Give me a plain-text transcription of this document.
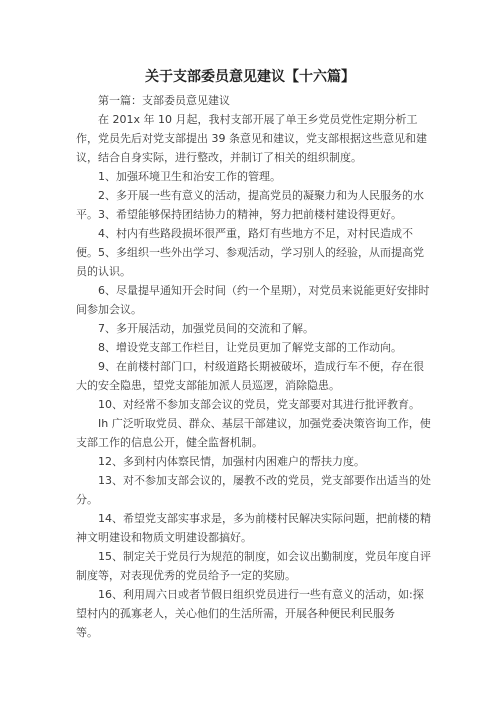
关于支部委员意见建议【十六篇】
第一篇：支部委员意见建议
在 201x 年 10 月起，我村支部开展了单王乡党员党性定期分析工作，党员先后对党支部提出 39 条意见和建议，党支部根据这些意见和建议，结合自身实际，进行整改，并制订了相关的组织制度。
1、加强环境卫生和治安工作的管理。
2、多开展一些有意义的活动，提高党员的凝聚力和为人民服务的水平。 3、希望能够保持团结协力的精神，努力把前楼村建设得更好。
4、村内有些路段损坏很严重，路灯有些地方不足，对村民造成不便。 5、多组织一些外出学习、参观活动，学习别人的经验，从而提高党员的认识。
6、尽量提早通知开会时间（约一个星期），对党员来说能更好安排时间参加会议。
7、多开展活动，加强党员间的交流和了解。
8、增设党支部工作栏目，让党员更加了解党支部的工作动向。
9、在前楼村部门口，村级道路长期被破坏，造成行车不便，存在很大的安全隐患，望党支部能加派人员巡逻，消除隐患。
10、对经常不参加支部会议的党员，党支部要对其进行批评教育。
Ih 广泛听取党员、群众、基层干部建议，加强党委决策咨询工作，使支部工作的信息公开，健全监督机制。
12、多到村内体察民情，加强村内困难户的帮扶力度。
13、对不参加支部会议的，屡教不改的党员，党支部要作出适当的处分。
14、希望党支部实事求是，多为前楼村民解决实际问题，把前楼的精神文明建设和物质文明建设都搞好。
15、制定关于党员行为规范的制度，如会议出勤制度，党员年度自评制度等，对表现优秀的党员给予一定的奖励。
16、利用周六日或者节假日组织党员进行一些有意义的活动，如:探望村内的孤寡老人，关心他们的生活所需，开展各种便民利民服务
等。
